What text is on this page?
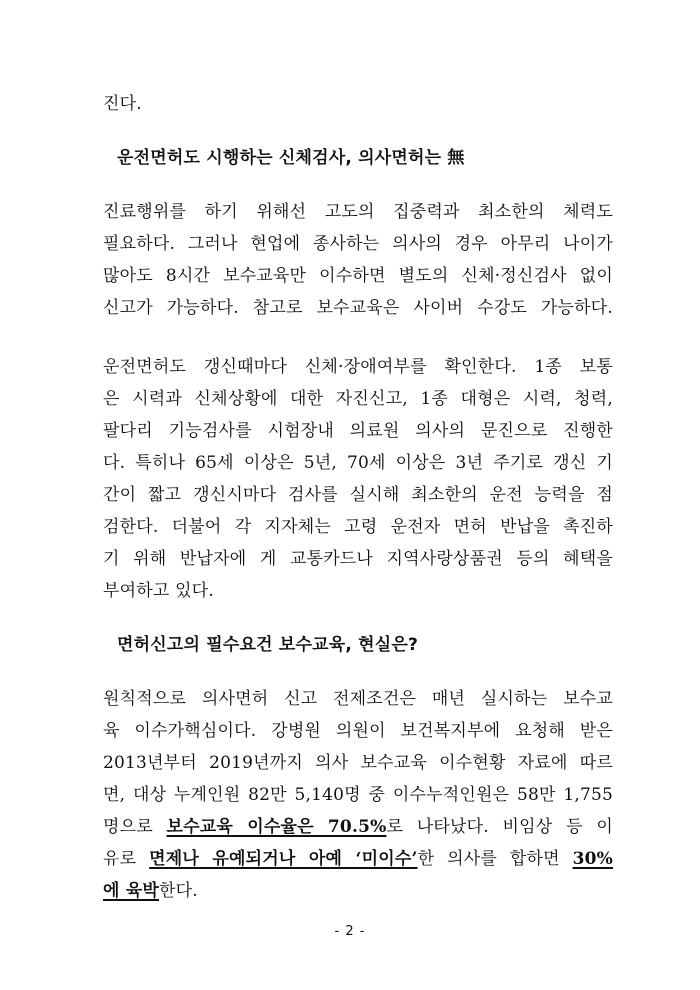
진다.
운전면허도 시행하는 신체검사, 의사면허는 無
진료행위를 하기 위해선 고도의 집중력과 최소한의 체력도
필요하다. 그러나 현업에 종사하는 의사의 경우 아무리 나이가
많아도 8시간 보수교육만 이수하면 별도의 신체·정신검사 없이
신고가 가능하다. 참고로 보수교육은 사이버 수강도 가능하다.
운전면허도 갱신때마다 신체·장애여부를 확인한다. 1종 보통
은 시력과 신체상황에 대한 자진신고, 1종 대형은 시력, 청력,
팔다리 기능검사를 시험장내 의료원 의사의 문진으로 진행한
다. 특히나 65세 이상은 5년, 70세 이상은 3년 주기로 갱신 기
간이 짧고 갱신시마다 검사를 실시해 최소한의 운전 능력을 점
검한다. 더불어 각 지자체는 고령 운전자 면허 반납을 촉진하
기 위해 반납자에 게 교통카드나 지역사랑상품권 등의 혜택을
부여하고 있다.
면허신고의 필수요건 보수교육, 현실은?
원칙적으로 의사면허 신고 전제조건은 매년 실시하는 보수교
육 이수가핵심이다. 강병원 의원이 보건복지부에 요청해 받은
2013년부터 2019년까지 의사 보수교육 이수현황 자료에 따르
면, 대상 누계인원 82만 5,140명 중 이수누적인원은 58만 1,755
명으로 보수교육 이수율은 70.5%로 나타났다. 비임상 등 이
유로 면제나 유예되거나 아예 ‘미이수’한 의사를 합하면 30%
에 육박한다.
- 2 -
